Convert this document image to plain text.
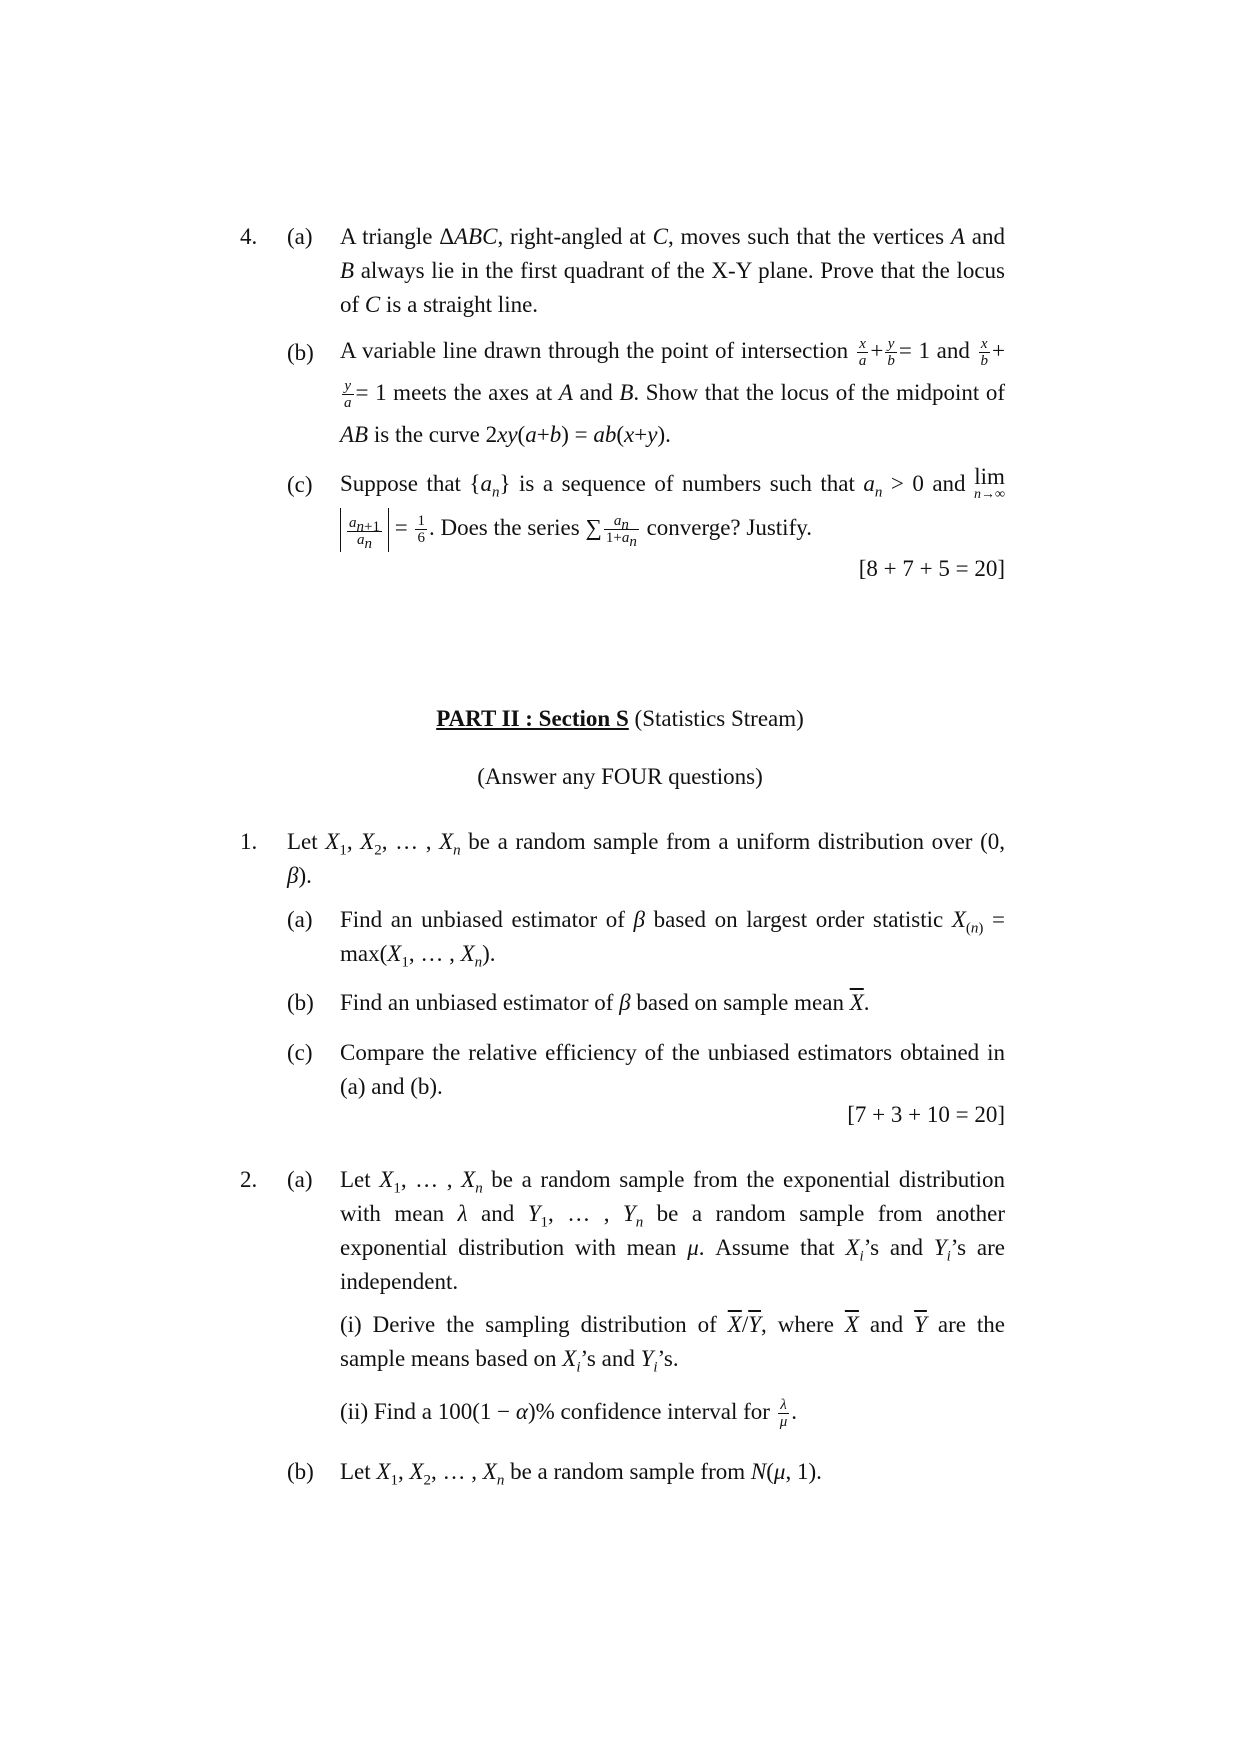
4. (a) A triangle ΔABC, right-angled at C, moves such that the vertices A and B always lie in the first quadrant of the X-Y plane. Prove that the locus of C is a straight line.
(b) A variable line drawn through the point of intersection $\frac{x}{a} + \frac{y}{b} = 1$ and $\frac{x}{b}$ +
$\frac{y}{a} = 1$ meets the axes at A and B. Show that the locus of the midpoint of AB is the curve 2xy(a+b) = ab(x+y).
(c) Suppose that $\{a_n\}$ is a sequence of numbers such that $a_n > 0$ and lim
n→∞

$\frac{a_{n+1}}{a_n} = \frac{1}{6}$ . Does the series ∑ $\frac{a_n}{1+a_n}$ converge? Justify.
[8 + 7 + 5 = 20]
PART II : Section S (Statistics Stream)
(Answer any FOUR questions)
1. Let $X_1$, $X_2$, … , $X_n$ be a random sample from a uniform distribution over (0, β).
(a) Find an unbiased estimator of β based on largest order statistic $X_{(n)} = \max(X_1$, … , $X_n$).
(b) Find an unbiased estimator of β based on sample mean $\overline{X}$.
(c) Compare the relative efficiency of the unbiased estimators obtained in (a) and (b).
[7 + 3 + 10 = 20]
2. (a) Let $X_1$, … , $X_n$ be a random sample from the exponential distribution with mean λ and $Y_1$, … , $Y_n$ be a random sample from another exponential distribution with mean μ. Assume that $X_i’s$ and $Y_i’s$ are independent.
(i) Derive the sampling distribution of $\overline{X}/\overline{Y}$, where $\overline{X}$ and $\overline{Y}$ are the sample means based on $X_i’s$ and $Y_i’s$.
(ii) Find a 100(1 − α)% confidence interval for $\frac{\lambda}{\mu}$ .
(b) Let $X_1$, $X_2$, … , $X_n$ be a random sample from N(μ, 1).
